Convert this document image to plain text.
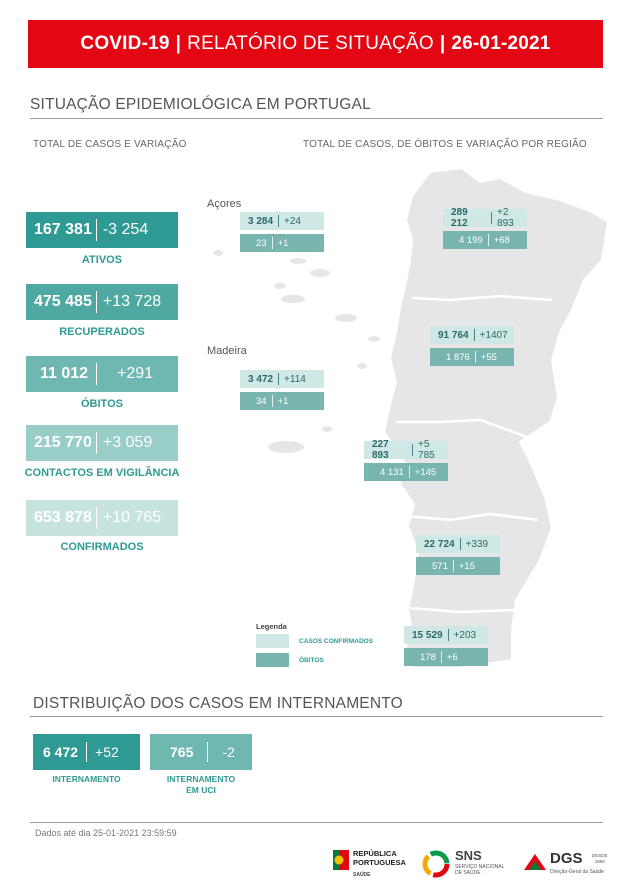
COVID-19 | RELATÓRIO DE SITUAÇÃO | 26-01-2021
SITUAÇÃO EPIDEMIOLÓGICA EM PORTUGAL
TOTAL DE CASOS E VARIAÇÃO	TOTAL DE CASOS, DE ÓBITOS E VARIAÇÃO POR REGIÃO
Açores
Madeira
3 284 +24
23 +1
3 472 +114
34 +1
289 212
+2 893
4 199 +68
91 764 +1407
1 876 +55
227 893
+5 785
4 131 +145
22 724 +339
571 +15
15 529 +203
178 +6
Legenda
CASOS CONFIRMADOS
ÓBITOS
167 381 -3 254
ATIVOS
475 485 +13 728
RECUPERADOS
11 012 +291
ÓBITOS
215 770 +3 059
CONTACTOS EM VIGILÂNCIA
653 878 +10 765
CONFIRMADOS
DISTRIBUIÇÃO DOS CASOS EM INTERNAMENTO
6 472 +52
INTERNAMENTO
765 -2
INTERNAMENTO
EM UCI
Dados até dia 25-01-2021 23:59:59
REPÚBLICA
PORTUGUESA
SAÚDE
SNS
SERVIÇO NACIONAL
DE SAÚDE
DGS DESDE
1899
Direção-Geral da Saúde
